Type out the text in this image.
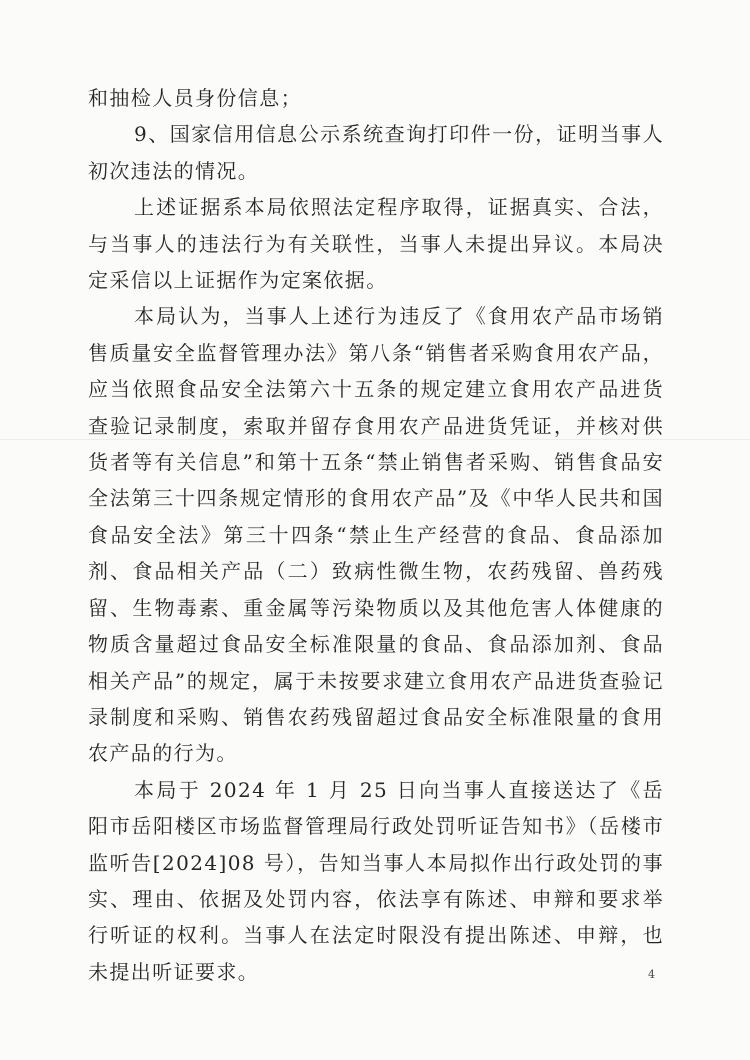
和抽检人员身份信息；

9、国家信用信息公示系统查询打印件一份，证明当事人初次违法的情况。

上述证据系本局依照法定程序取得，证据真实、合法，与当事人的违法行为有关联性，当事人未提出异议。本局决定采信以上证据作为定案依据。

本局认为，当事人上述行为违反了《食用农产品市场销售质量安全监督管理办法》第八条“销售者采购食用农产品，应当依照食品安全法第六十五条的规定建立食用农产品进货查验记录制度，索取并留存食用农产品进货凭证，并核对供货者等有关信息”和第十五条“禁止销售者采购、销售食品安全法第三十四条规定情形的食用农产品”及《中华人民共和国食品安全法》第三十四条“禁止生产经营的食品、食品添加剂、食品相关产品（二）致病性微生物，农药残留、兽药残留、生物毒素、重金属等污染物质以及其他危害人体健康的物质含量超过食品安全标准限量的食品、食品添加剂、食品相关产品”的规定，属于未按要求建立食用农产品进货查验记录制度和采购、销售农药残留超过食品安全标准限量的食用农产品的行为。

本局于 2024 年 1 月 25 日向当事人直接送达了《岳阳市岳阳楼区市场监督管理局行政处罚听证告知书》（岳楼市监听告[2024]08 号），告知当事人本局拟作出行政处罚的事实、理由、依据及处罚内容，依法享有陈述、申辩和要求举行听证的权利。当事人在法定时限没有提出陈述、申辩，也未提出听证要求。	4
